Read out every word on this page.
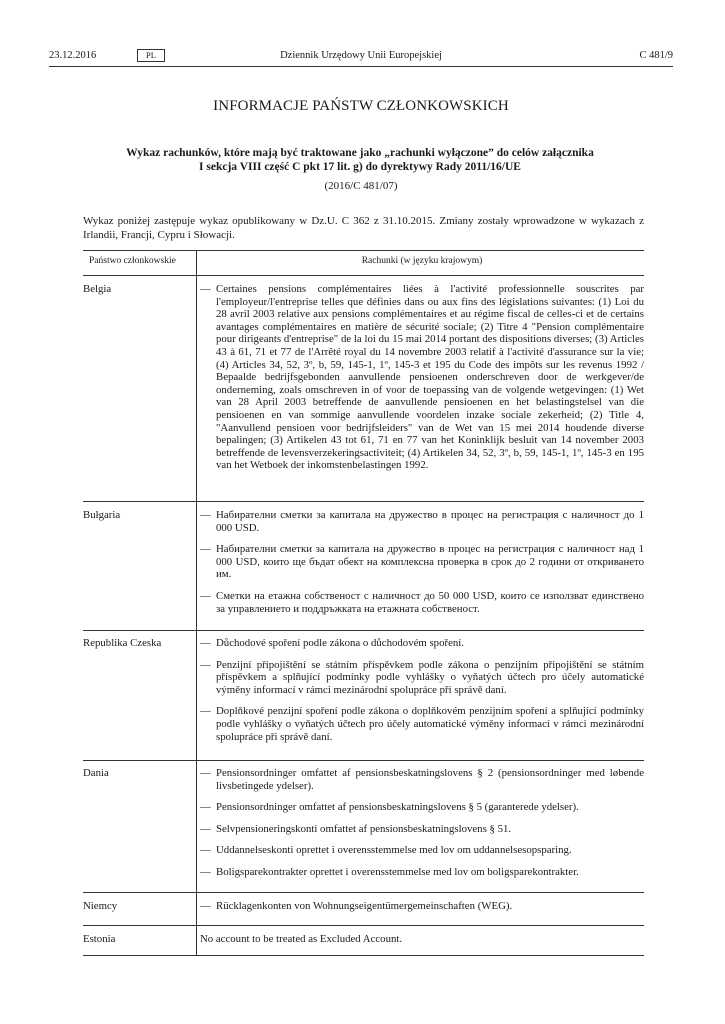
23.12.2016	PL	Dziennik Urzędowy Unii Europejskiej	C 481/9
INFORMACJE PAŃSTW CZŁONKOWSKICH
Wykaz rachunków, które mają być traktowane jako „rachunki wyłączone” do celów załącznika
I sekcja VIII część C pkt 17 lit. g) do dyrektywy Rady 2011/16/UE
(2016/C 481/07)
Wykaz poniżej zastępuje wykaz opublikowany w Dz.U. C 362 z 31.10.2015. Zmiany zostały wprowadzone w wykazach z Irlandii, Francji, Cypru i Słowacji.
Państwo członkowskie	Rachunki (w języku krajowym)
Belgia	— Certaines pensions complémentaires liées à l'activité professionnelle souscrites par l'employeur/l'entreprise telles que définies dans ou aux fins des législations suivantes: (1) Loi du 28 avril 2003 relative aux pensions complémentaires et au régime fiscal de celles-ci et de certains avantages complémentaires en matière de sécurité sociale; (2) Titre 4 "Pension complémentaire pour dirigeants d'entreprise" de la loi du 15 mai 2014 portant des dispositions diverses; (3) Articles 43 à 61, 71 et 77 de l'Arrêté royal du 14 novembre 2003 relatif à l'activité d'assurance sur la vie; (4) Articles 34, 52, 3º, b, 59, 145-1, 1º, 145-3 et 195 du Code des impôts sur les revenus 1992 / Bepaalde bedrijfsgebonden aanvullende pensioenen onderschreven door de werkgever/de onderneming, zoals omschreven in of voor de toepassing van de volgende wetgevingen: (1) Wet van 28 April 2003 betreffende de aanvullende pensioenen en het belastingstelsel van die pensioenen en van sommige aanvullende voordelen inzake sociale zekerheid; (2) Title 4, "Aanvullend pensioen voor bedrijfsleiders" van de Wet van 15 mei 2014 houdende diverse bepalingen; (3) Artikelen 43 tot 61, 71 en 77 van het Koninklijk besluit van 14 november 2003 betreffende de levensverzekeringsactiviteit; (4) Artikelen 34, 52, 3º, b, 59, 145-1, 1º, 145-3 en 195 van het Wetboek der inkomstenbelastingen 1992.
Bułgaria	— Набирателни сметки за капитала на дружество в процес на регистрация с наличност до 1 000 USD.
— Набирателни сметки за капитала на дружество в процес на регистрация с наличност над 1 000 USD, които ще бъдат обект на комплексна проверка в срок до 2 години от откриването им.
— Сметки на етажна собственост с наличност до 50 000 USD, които се използват единствено за управлението и поддръжката на етажната собственост.
Republika Czeska	— Důchodové spoření podle zákona o důchodovém spoření.
— Penzijní připojištění se státním příspěvkem podle zákona o penzijním připojištění se státním příspěvkem a splňující podmínky podle vyhlášky o vyňatých účtech pro účely automatické výměny informací v rámci mezinárodní spolupráce při správě daní.
— Doplňkové penzijní spoření podle zákona o doplňkovém penzijním spoření a splňující podmínky podle vyhlášky o vyňatých účtech pro účely automatické výměny informací v rámci mezinárodní spolupráce při správě daní.
Dania	— Pensionsordninger omfattet af pensionsbeskatningslovens § 2 (pensionsordninger med løbende livsbetingede ydelser).
— Pensionsordninger omfattet af pensionsbeskatningslovens § 5 (garanterede ydelser).
— Selvpensioneringskonti omfattet af pensionsbeskatningslovens § 51.
— Uddannelseskonti oprettet i overensstemmelse med lov om uddannelsesopsparing.
— Boligsparekontrakter oprettet i overensstemmelse med lov om boligsparekontrakter.
Niemcy	— Rücklagenkonten von Wohnungseigentümergemeinschaften (WEG).
Estonia	No account to be treated as Excluded Account.
